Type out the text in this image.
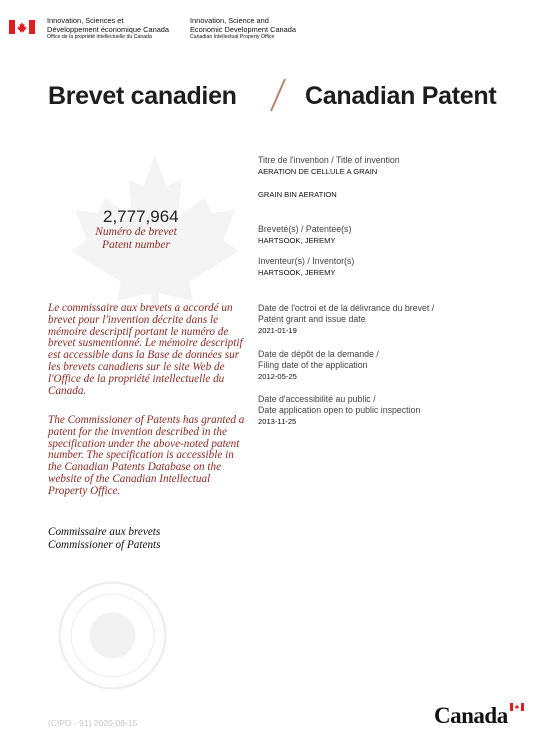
Innovation, Sciences et
Développement économique Canada
Office de la propriété intellectuelle du Canada
Innovation, Science and
Economic Development Canada
Canadian Intellectual Property Office
Brevet canadien	Canadian Patent
2,777,964
Numéro de brevet
Patent number

Le commissaire aux brevets a accordé un brevet pour l'invention décrite dans le mémoire descriptif portant le numéro de brevet susmentionné. Le mémoire descriptif est accessible dans la Base de données sur les brevets canadiens sur le site Web de l'Office de la propriété intellectuelle du Canada.

The Commissioner of Patents has granted a patent for the invention described in the specification under the above-noted patent number. The specification is accessible in the Canadian Patents Database on the website of the Canadian Intellectual Property Office.

Commissaire aux brevets
Commissioner of Patents
Titre de l'invention / Title of invention
AERATION DE CELLULE A GRAIN
GRAIN BIN AERATION
Breveté(s) / Patentee(s)
HARTSOOK, JEREMY
Inventeur(s) / Inventor(s)
HARTSOOK, JEREMY
Date de l'octroi et de la délivrance du brevet /
Patent grant and issue date
2021-01-19
Date de dépôt de la demande /
Filing date of the application
2012-05-25
Date d'accessibilité au public /
Date application open to public inspection
2013-11-25
(CIPO - 91) 2020-08-15	Canada
